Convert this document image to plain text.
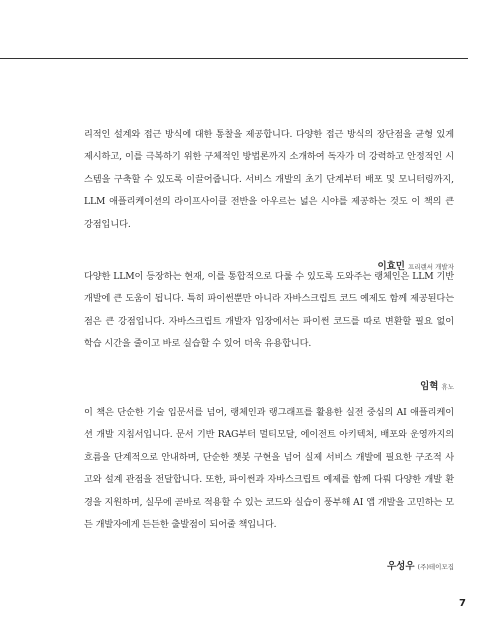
리적인 설계와 접근 방식에 대한 통찰을 제공합니다. 다양한 접근 방식의 장단점을 균형 있게 제시하고, 이를 극복하기 위한 구체적인 방법론까지 소개하여 독자가 더 강력하고 안정적인 시스템을 구축할 수 있도록 이끌어줍니다. 서비스 개발의 초기 단계부터 배포 및 모니터링까지, LLM 애플리케이션의 라이프사이클 전반을 아우르는 넓은 시야를 제공하는 것도 이 책의 큰 강점입니다.

이효민 프리랜서 개발자

다양한 LLM이 등장하는 현재, 이를 통합적으로 다룰 수 있도록 도와주는 랭체인은 LLM 기반 개발에 큰 도움이 됩니다. 특히 파이썬뿐만 아니라 자바스크립트 코드 예제도 함께 제공된다는 점은 큰 강점입니다. 자바스크립트 개발자 입장에서는 파이썬 코드를 따로 변환할 필요 없이 학습 시간을 줄이고 바로 실습할 수 있어 더욱 유용합니다.

임혁 휴노

이 책은 단순한 기술 입문서를 넘어, 랭체인과 랭그래프를 활용한 실전 중심의 AI 애플리케이션 개발 지침서입니다. 문서 기반 RAG부터 멀티모달, 에이전트 아키텍처, 배포와 운영까지의 흐름을 단계적으로 안내하며, 단순한 챗봇 구현을 넘어 실제 서비스 개발에 필요한 구조적 사고와 설계 관점을 전달합니다. 또한, 파이썬과 자바스크립트 예제를 함께 다뤄 다양한 개발 환경을 지원하며, 실무에 곧바로 적용할 수 있는 코드와 실습이 풍부해 AI 앱 개발을 고민하는 모든 개발자에게 든든한 출발점이 되어줄 책입니다.

우성우 (주)테이모집
7
